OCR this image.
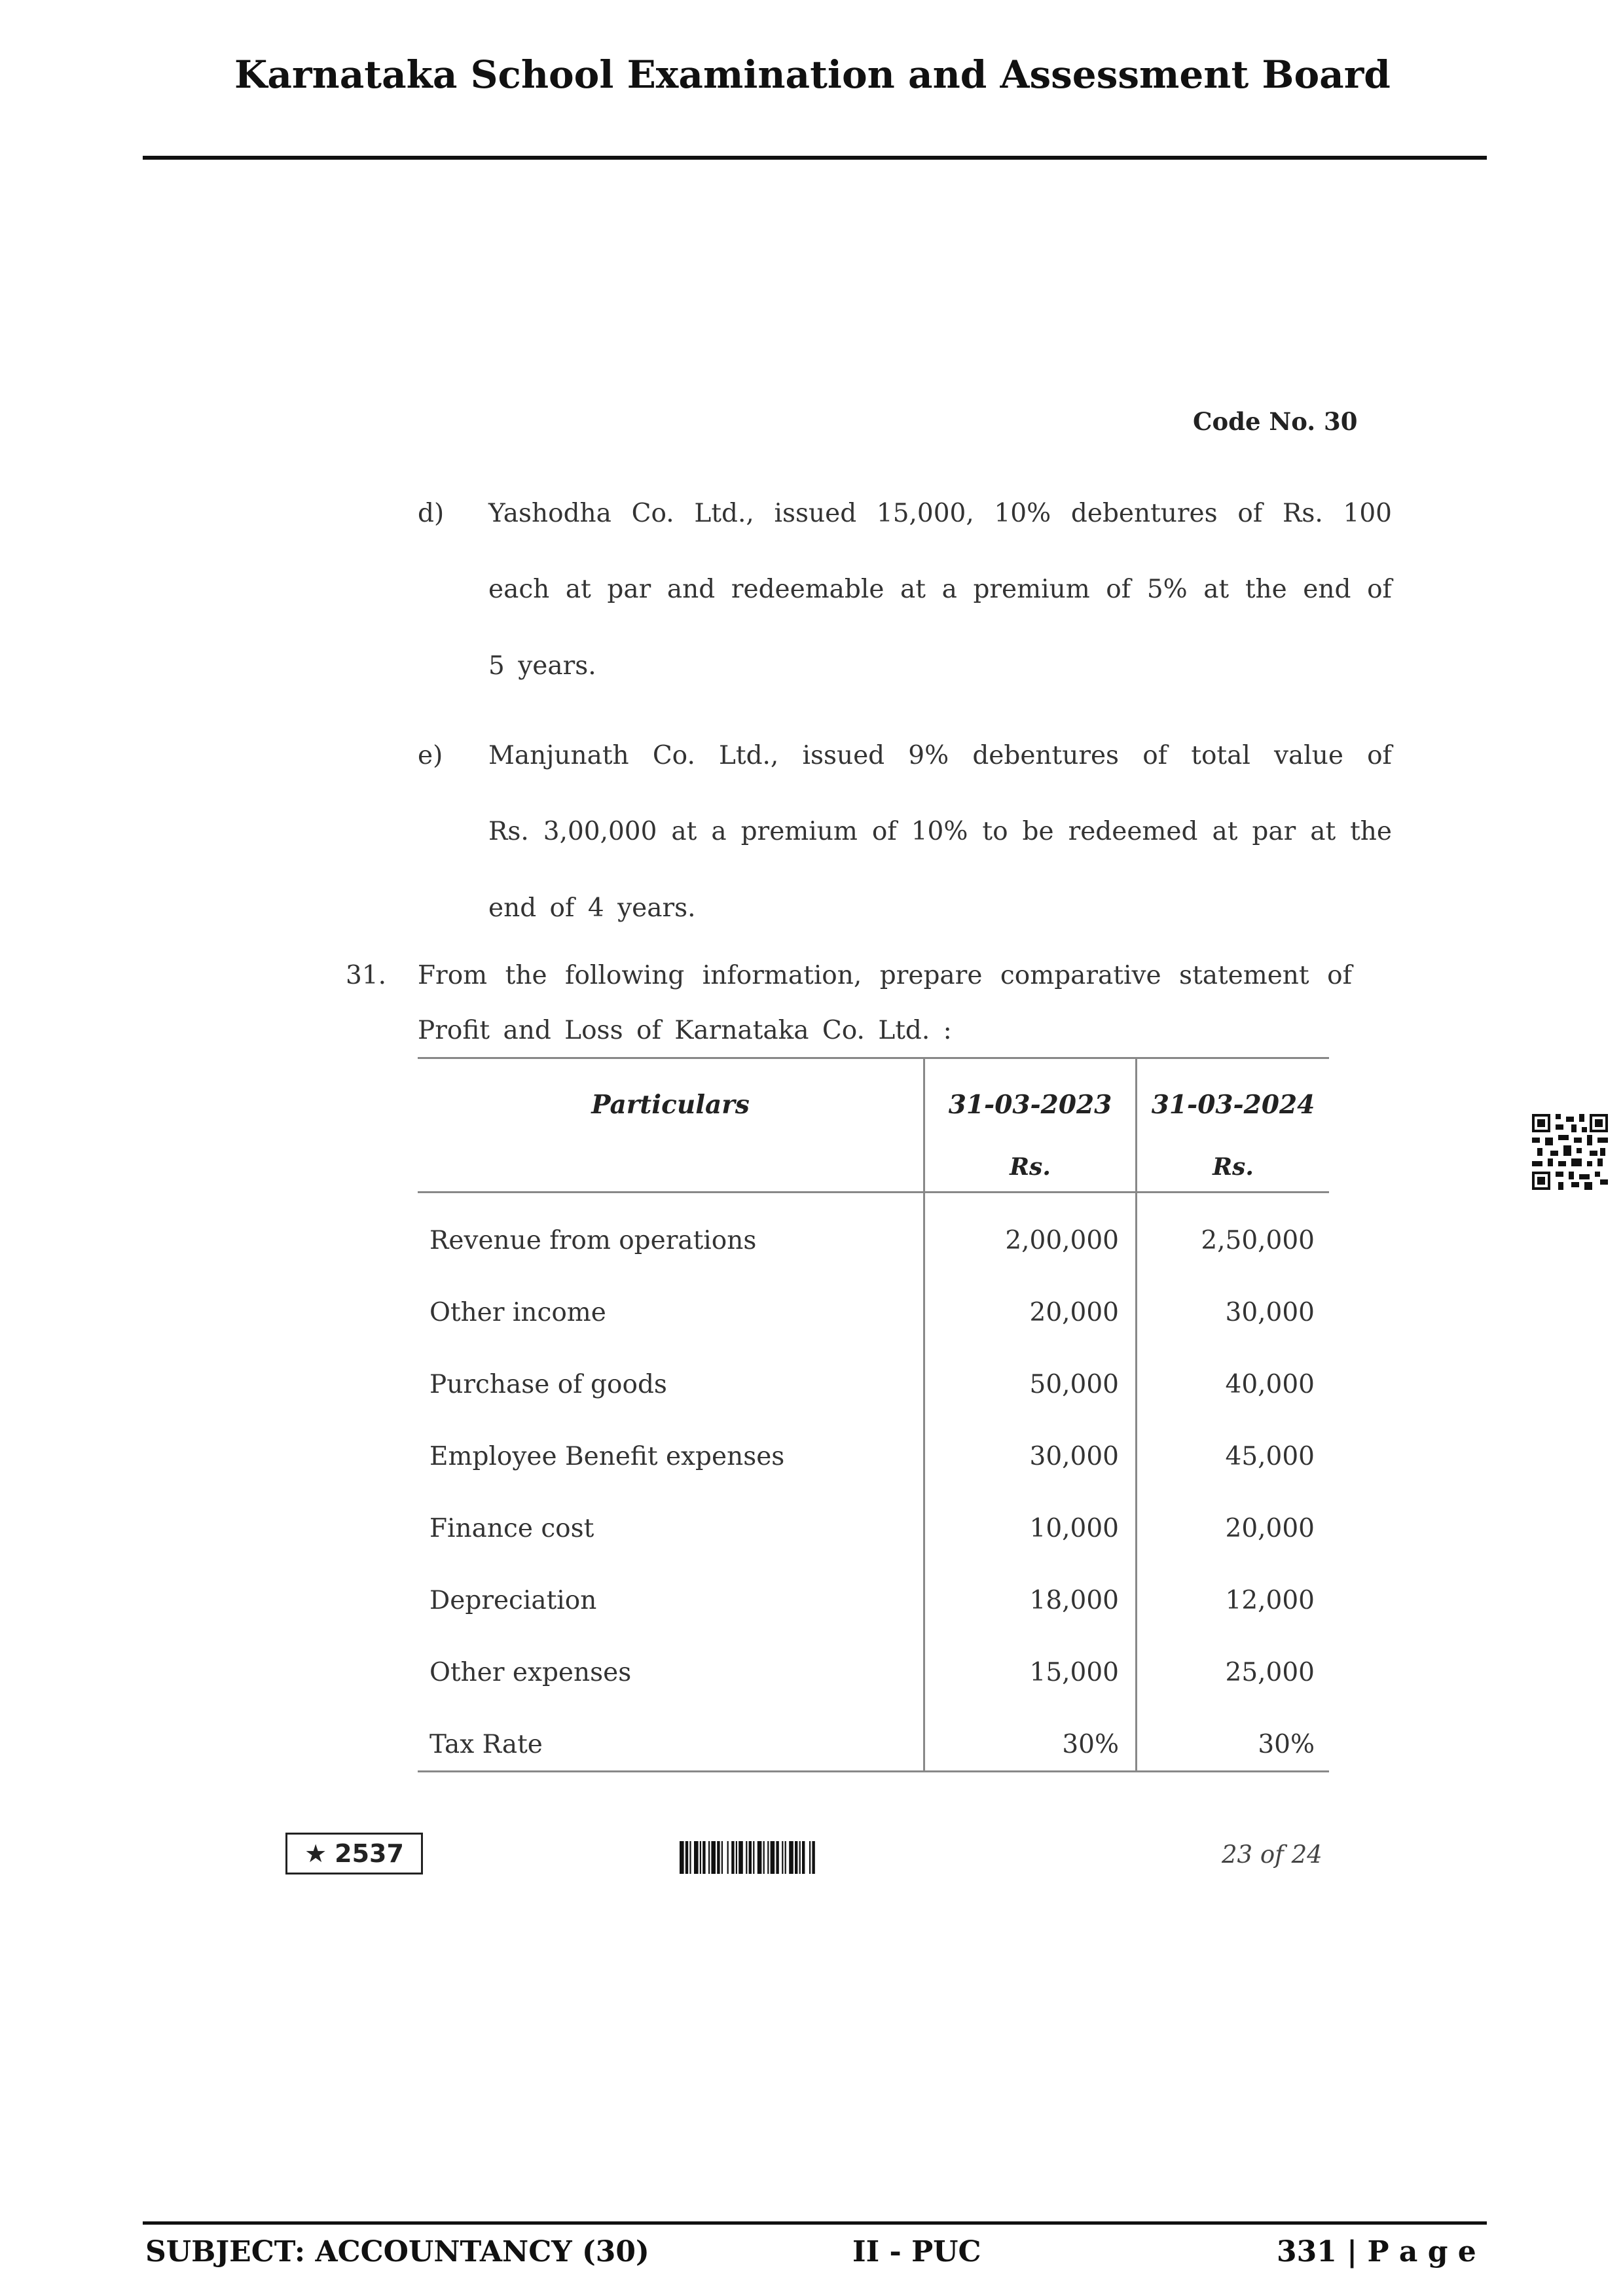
Karnataka School Examination and Assessment Board
Code No. 30
d) Yashodha Co. Ltd., issued 15,000, 10% debentures of Rs. 100
each at par and redeemable at a premium of 5% at the end of
5 years.
e) Manjunath Co. Ltd., issued 9% debentures of total value of
Rs. 3,00,000 at a premium of 10% to be redeemed at par at the
end of 4 years.
31. From the following information, prepare comparative statement of
Profit and Loss of Karnataka Co. Ltd. :
Particulars	31-03-2023	31-03-2024
Rs.	Rs.
Revenue from operations	2,00,000	2,50,000
Other income	20,000	30,000
Purchase of goods	50,000	40,000
Employee Benefit expenses	30,000	45,000
Finance cost	10,000	20,000
Depreciation	18,000	12,000
Other expenses	15,000	25,000
Tax Rate	30%	30%
★ 2537	23 of 24
SUBJECT: ACCOUNTANCY (30)	II - PUC	331 | P a g e
